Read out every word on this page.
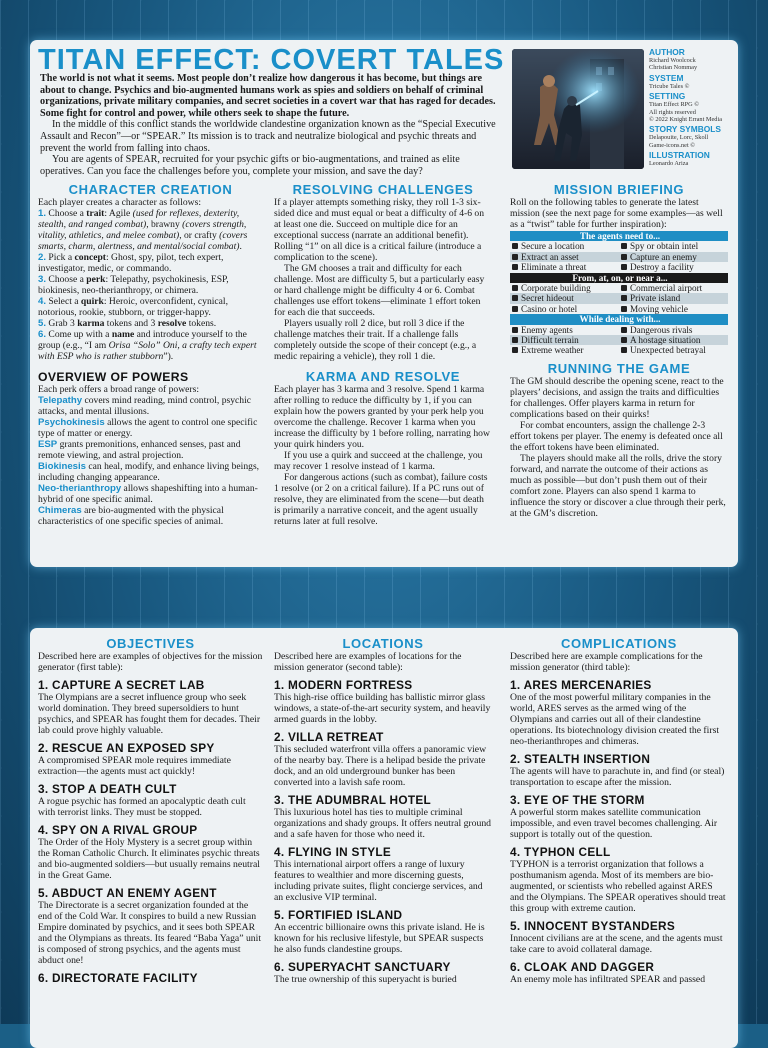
TITAN EFFECT: COVERT TALES

The world is not what it seems. Most people don’t realize how dangerous it has become, but things are about to change. Psychics and bio-augmented humans work as spies and soldiers on behalf of criminal organizations, private military companies, and secret societies in a covert war that has raged for decades. Some fight for control and power, while others seek to shape the future.

In the middle of this conflict stands the worldwide clandestine organization known as the “Special Executive Assault and Recon”—or “SPEAR.” Its mission is to track and neutralize biological and psychic threats and prevent the world from falling into chaos.

You are agents of SPEAR, recruited for your psychic gifts or bio-augmentations, and trained as elite operatives. Can you face the challenges before you, complete your mission, and save the day?

AUTHOR
Richard Woolcock
Christian Nommay
SYSTEM
Tricube Tales ©
SETTING
Titan Effect RPG ©
All rights reserved
© 2022 Knight Errant Media
STORY SYMBOLS
Delapouite, Lorc, Skoll
Game-icons.net ©
ILLUSTRATION
Leonardo Ariza
CHARACTER CREATION

Each player creates a character as follows:

1. Choose a trait: Agile (used for reflexes, dexterity, stealth, and ranged combat), brawny (covers strength, vitality, athletics, and melee combat), or crafty (covers smarts, charm, alertness, and mental/social combat).

2. Pick a concept: Ghost, spy, pilot, tech expert, investigator, medic, or commando.

3. Choose a perk: Telepathy, psychokinesis, ESP, biokinesis, neo-therianthropy, or chimera.

4. Select a quirk: Heroic, overconfident, cynical, notorious, rookie, stubborn, or trigger-happy.

5. Grab 3 karma tokens and 3 resolve tokens.

6. Come up with a name and introduce yourself to the group (e.g., “I am Orisa “Solo” Oni, a crafty tech expert with ESP who is rather stubborn”).

OVERVIEW OF POWERS

Each perk offers a broad range of powers:

Telepathy covers mind reading, mind control, psychic attacks, and mental illusions.

Psychokinesis allows the agent to control one specific type of matter or energy.

ESP grants premonitions, enhanced senses, past and remote viewing, and astral projection.

Biokinesis can heal, modify, and enhance living beings, including changing appearance.

Neo-therianthropy allows shapeshifting into a human-hybrid of one specific animal.

Chimeras are bio-augmented with the physical characteristics of one specific species of animal.

RESOLVING CHALLENGES

If a player attempts something risky, they roll 1-3 six-sided dice and must equal or beat a difficulty of 4-6 on at least one die. Succeed on multiple dice for an exceptional success (narrate an additional benefit). Rolling “1” on all dice is a critical failure (introduce a complication to the scene).

The GM chooses a trait and difficulty for each challenge. Most are difficulty 5, but a particularly easy or hard challenge might be difficulty 4 or 6. Combat challenges use effort tokens—eliminate 1 effort token for each die that succeeds.

Players usually roll 2 dice, but roll 3 dice if the challenge matches their trait. If a challenge falls completely outside the scope of their concept (e.g., a medic repairing a vehicle), they roll 1 die.

KARMA AND RESOLVE

Each player has 3 karma and 3 resolve. Spend 1 karma after rolling to reduce the difficulty by 1, if you can explain how the powers granted by your perk help you overcome the challenge. Recover 1 karma when you increase the difficulty by 1 before rolling, narrating how your quirk hinders you.

If you use a quirk and succeed at the challenge, you may recover 1 resolve instead of 1 karma.

For dangerous actions (such as combat), failure costs 1 resolve (or 2 on a critical failure). If a PC runs out of resolve, they are eliminated from the scene—but death is primarily a narrative conceit, and the agent usually returns later at full resolve.

MISSION BRIEFING

Roll on the following tables to generate the latest mission (see the next page for some examples—as well as a “twist” table for further inspiration):

The agents need to...	
Secure a location	Spy or obtain intel
Extract an asset	Capture an enemy
Eliminate a threat	Destroy a facility
From, at, on, or near a...	
Corporate building	Commercial airport
Secret hideout	Private island
Casino or hotel	Moving vehicle
While dealing with...	
Enemy agents	Dangerous rivals
Difficult terrain	A hostage situation
Extreme weather	Unexpected betrayal
RUNNING THE GAME

The GM should describe the opening scene, react to the players’ decisions, and assign the traits and difficulties for challenges. Offer players karma in return for complications based on their quirks!

For combat encounters, assign the challenge 2-3 effort tokens per player. The enemy is defeated once all the effort tokens have been eliminated.

The players should make all the rolls, drive the story forward, and narrate the outcome of their actions as much as possible—but don’t push them out of their comfort zone. Players can also spend 1 karma to influence the story or discover a clue through their perk, at the GM’s discretion.

OBJECTIVES

Described here are examples of objectives for the mission generator (first table):

1. CAPTURE A SECRET LAB

The Olympians are a secret influence group who seek world domination. They breed supersoldiers to hunt psychics, and SPEAR has fought them for decades. Their lab could prove highly valuable.

2. RESCUE AN EXPOSED SPY

A compromised SPEAR mole requires immediate extraction—the agents must act quickly!

3. STOP A DEATH CULT

A rogue psychic has formed an apocalyptic death cult with terrorist links. They must be stopped.

4. SPY ON A RIVAL GROUP

The Order of the Holy Mystery is a secret group within the Roman Catholic Church. It eliminates psychic threats and bio-augmented soldiers—but usually remains neutral in the Great Game.

5. ABDUCT AN ENEMY AGENT

The Directorate is a secret organization founded at the end of the Cold War. It conspires to build a new Russian Empire dominated by psychics, and it sees both SPEAR and the Olympians as threats. Its feared “Baba Yaga” unit is composed of strong psychics, and the agents must abduct one!

6. DIRECTORATE FACILITY
LOCATIONS

Described here are examples of locations for the mission generator (second table):

1. MODERN FORTRESS

This high-rise office building has ballistic mirror glass windows, a state-of-the-art security system, and heavily armed guards in the lobby.

2. VILLA RETREAT

This secluded waterfront villa offers a panoramic view of the nearby bay. There is a helipad beside the private dock, and an old underground bunker has been converted into a lavish safe room.

3. THE ADUMBRAL HOTEL

This luxurious hotel has ties to multiple criminal organizations and shady groups. It offers neutral ground and a safe haven for those who need it.

4. FLYING IN STYLE

This international airport offers a range of luxury features to wealthier and more discerning guests, including private suites, flight concierge services, and an exclusive VIP terminal.

5. FORTIFIED ISLAND

An eccentric billionaire owns this private island. He is known for his reclusive lifestyle, but SPEAR suspects he also funds clandestine groups.

6. SUPERYACHT SANCTUARY

The true ownership of this superyacht is buried

COMPLICATIONS

Described here are example complications for the mission generator (third table):

1. ARES MERCENARIES

One of the most powerful military companies in the world, ARES serves as the armed wing of the Olympians and carries out all of their clandestine operations. Its biotechnology division created the first neo-therianthropes and chimeras.

2. STEALTH INSERTION

The agents will have to parachute in, and find (or steal) transportation to escape after the mission.

3. EYE OF THE STORM

A powerful storm makes satellite communication impossible, and even travel becomes challenging. Air support is totally out of the question.

4. TYPHON CELL

TYPHON is a terrorist organization that follows a posthumanism agenda. Most of its members are bio-augmented, or scientists who rebelled against ARES and the Olympians. The SPEAR operatives should treat this group with extreme caution.

5. INNOCENT BYSTANDERS

Innocent civilians are at the scene, and the agents must take care to avoid collateral damage.

6. CLOAK AND DAGGER

An enemy mole has infiltrated SPEAR and passed
